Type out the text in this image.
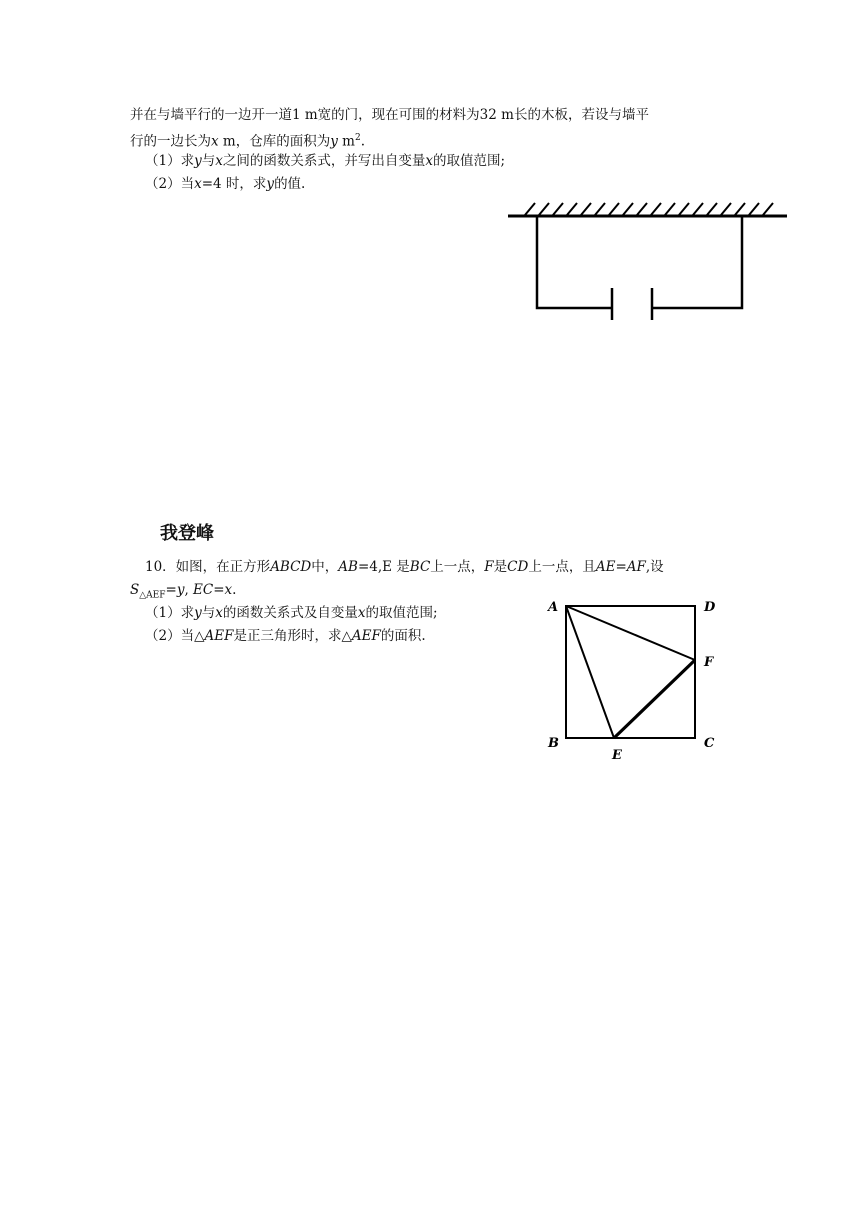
并在与墙平行的一边开一道1 m宽的门，现在可围的材料为32 m长的木板，若设与墙平
行的一边长为x m，仓库的面积为y $m^2$.
（1）求y与x之间的函数关系式，并写出自变量x的取值范围;
（2）当x=4 时，求y的值.
我登峰
10．如图，在正方形ABCD中，AB=4,E 是BC上一点，F是CD上一点，且AE=AF,设
$S_{\triangle AEF}=y$, EC=x.
（1）求y与x的函数关系式及自变量x的取值范围;
（2）当△AEF是正三角形时，求△AEF的面积.
A	D
F
B	C
E
